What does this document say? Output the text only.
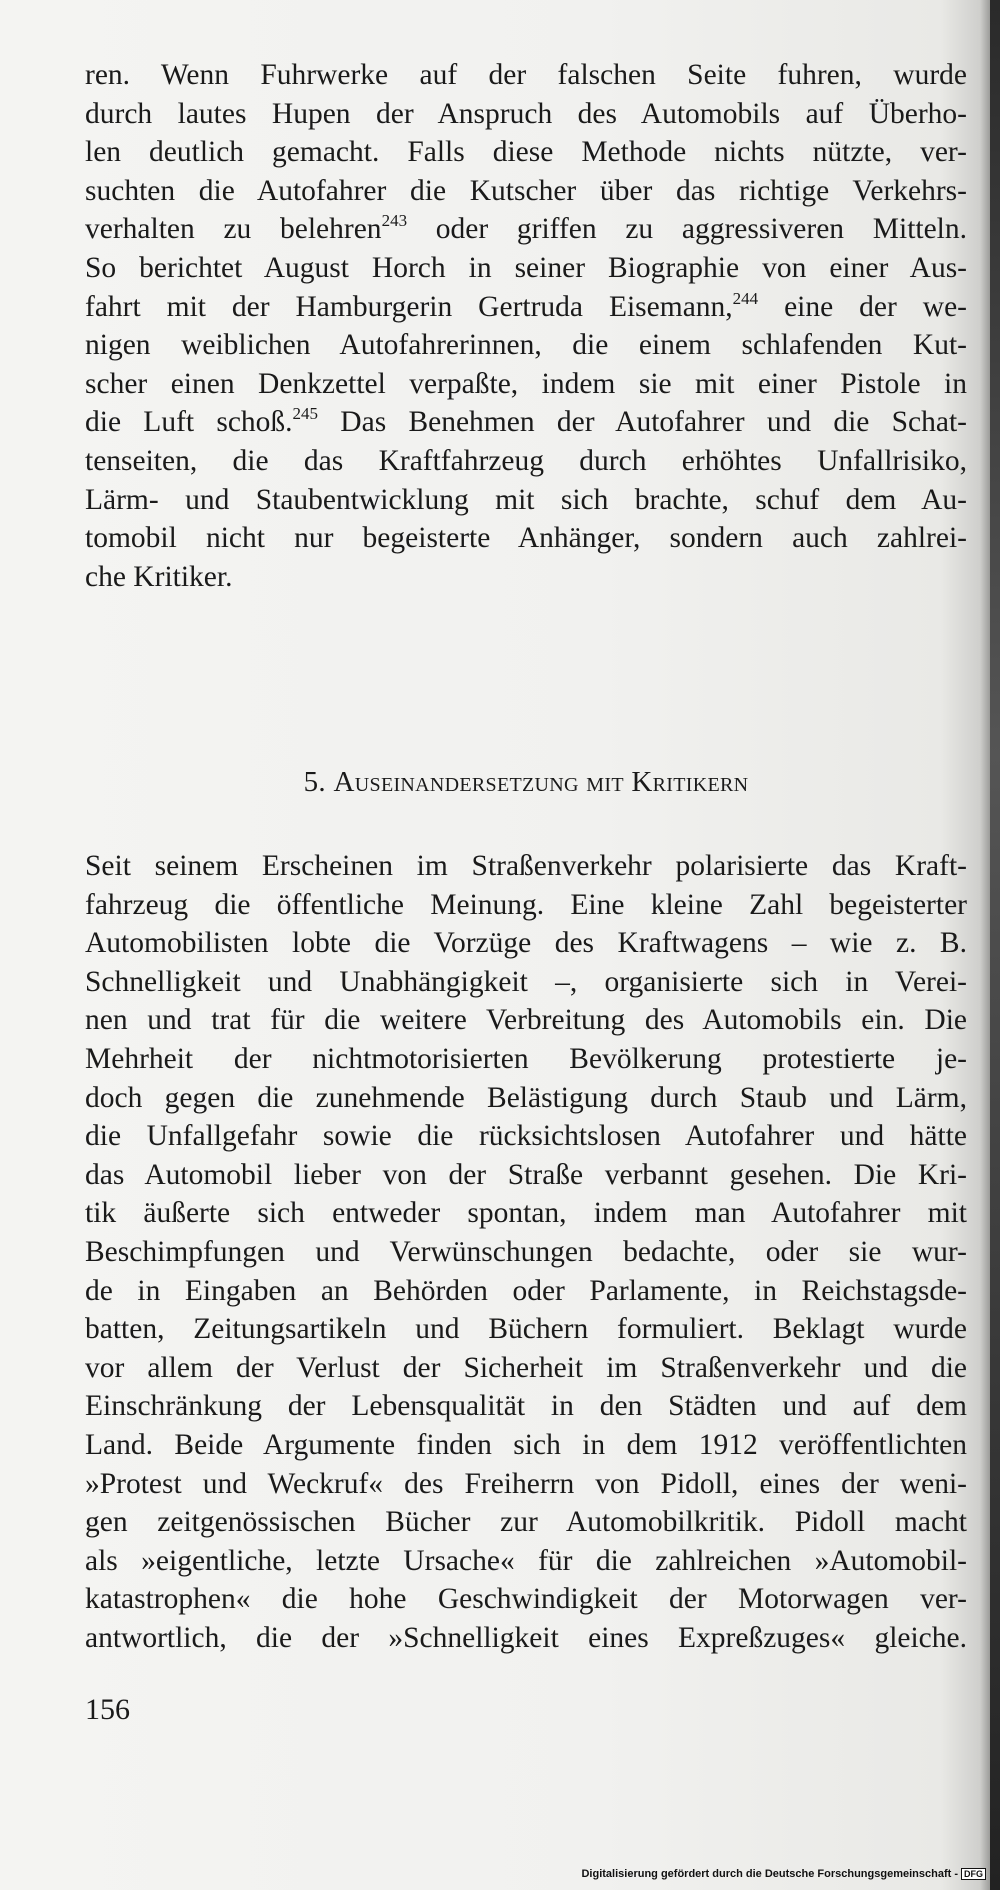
ren. Wenn Fuhrwerke auf der falschen Seite fuhren, wurde
durch lautes Hupen der Anspruch des Automobils auf Überho-
len deutlich gemacht. Falls diese Methode nichts nützte, ver-
suchten die Autofahrer die Kutscher über das richtige Verkehrs-
verhalten zu belehren$^{243}$ oder griffen zu aggressiveren Mitteln.
So berichtet August Horch in seiner Biographie von einer Aus-
fahrt mit der Hamburgerin Gertruda Eisemann,$^{244}$ eine der we-
nigen weiblichen Autofahrerinnen, die einem schlafenden Kut-
scher einen Denkzettel verpaßte, indem sie mit einer Pistole in
die Luft schoß.$^{245}$ Das Benehmen der Autofahrer und die Schat-
tenseiten, die das Kraftfahrzeug durch erhöhtes Unfallrisiko,
Lärm- und Staubentwicklung mit sich brachte, schuf dem Au-
tomobil nicht nur begeisterte Anhänger, sondern auch zahlrei-
che Kritiker.
5. Auseinandersetzung mit Kritikern
Seit seinem Erscheinen im Straßenverkehr polarisierte das Kraft-
fahrzeug die öffentliche Meinung. Eine kleine Zahl begeisterter
Automobilisten lobte die Vorzüge des Kraftwagens – wie z. B.
Schnelligkeit und Unabhängigkeit –, organisierte sich in Verei-
nen und trat für die weitere Verbreitung des Automobils ein. Die
Mehrheit der nichtmotorisierten Bevölkerung protestierte je-
doch gegen die zunehmende Belästigung durch Staub und Lärm,
die Unfallgefahr sowie die rücksichtslosen Autofahrer und hätte
das Automobil lieber von der Straße verbannt gesehen. Die Kri-
tik äußerte sich entweder spontan, indem man Autofahrer mit
Beschimpfungen und Verwünschungen bedachte, oder sie wur-
de in Eingaben an Behörden oder Parlamente, in Reichstagsde-
batten, Zeitungsartikeln und Büchern formuliert. Beklagt wurde
vor allem der Verlust der Sicherheit im Straßenverkehr und die
Einschränkung der Lebensqualität in den Städten und auf dem
Land. Beide Argumente finden sich in dem 1912 veröffentlichten
»Protest und Weckruf« des Freiherrn von Pidoll, eines der weni-
gen zeitgenössischen Bücher zur Automobilkritik. Pidoll macht
als »eigentliche, letzte Ursache« für die zahlreichen »Automobil-
katastrophen« die hohe Geschwindigkeit der Motorwagen ver-
antwortlich, die der »Schnelligkeit eines Expreßzuges« gleiche.
156
Digitalisierung gefördert durch die Deutsche Forschungsgemeinschaft - DFG
